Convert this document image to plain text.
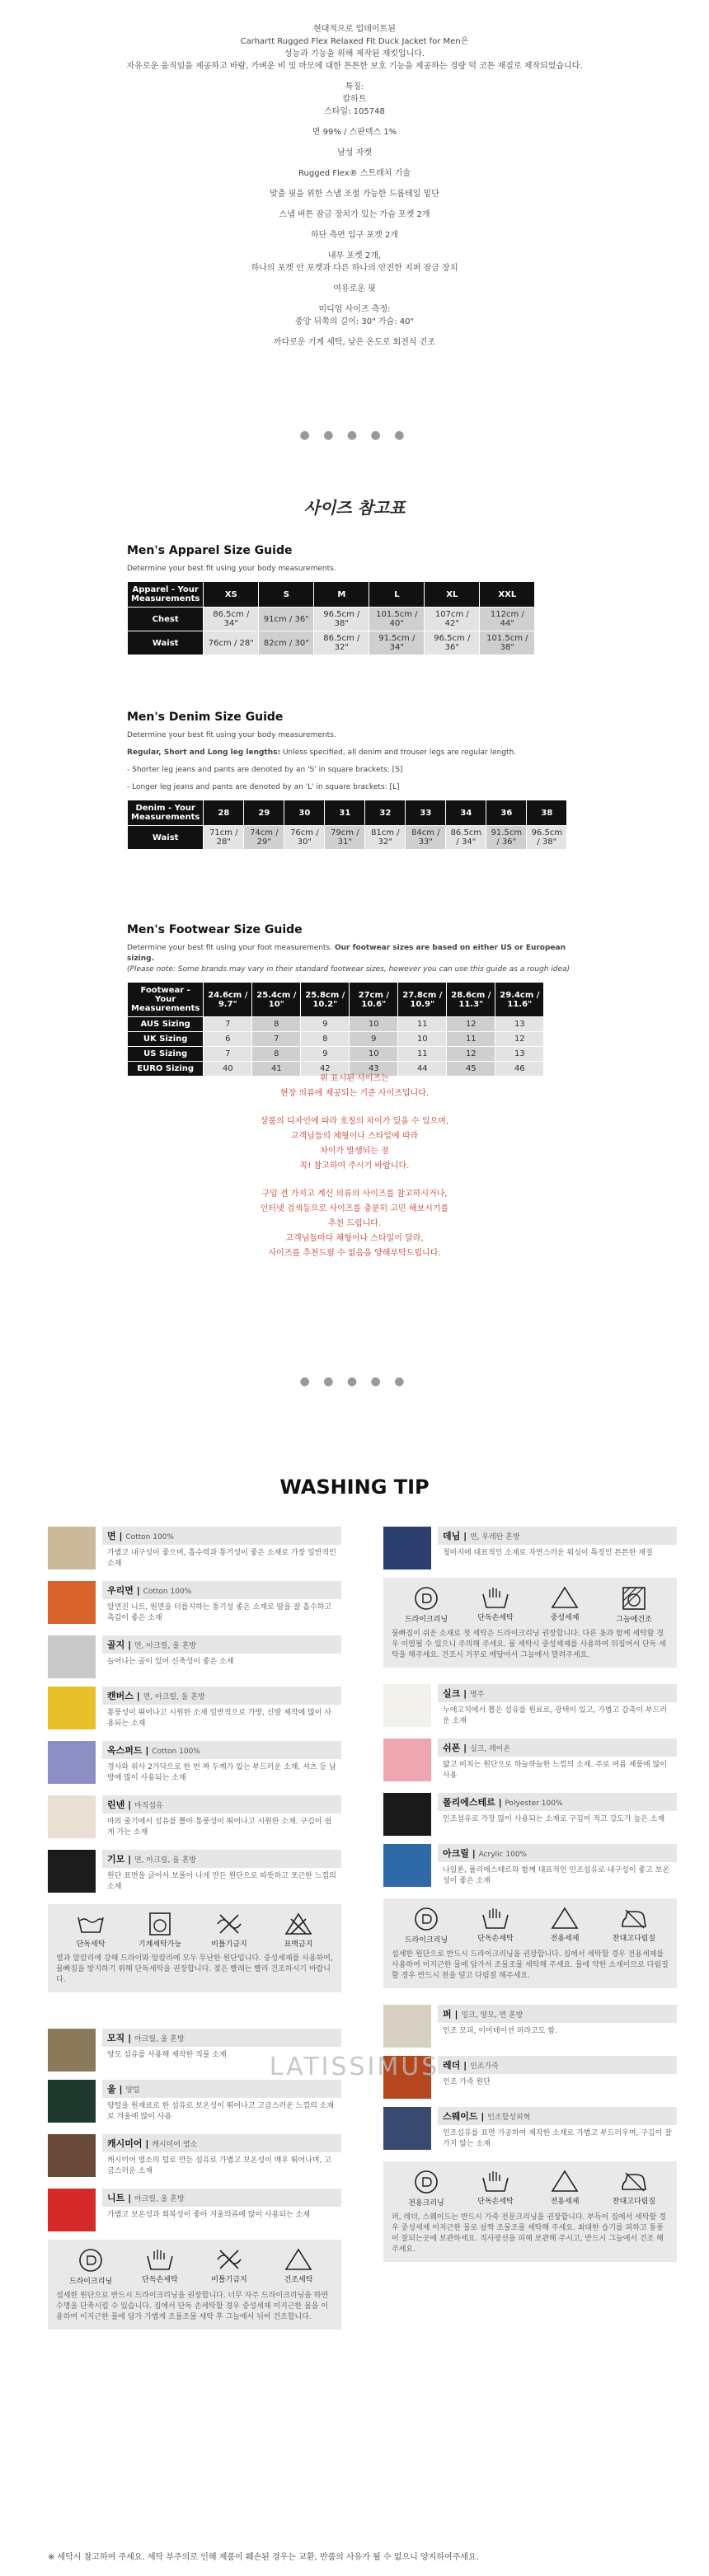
현대적으로 업데이트된

Carhartt Rugged Flex Relaxed Fit Duck Jacket for Men은

성능과 기능을 위해 제작된 재킷입니다.

자유로운 움직임을 제공하고 바람, 가벼운 비 및 마모에 대한 튼튼한 보호 기능을 제공하는 경량 덕 코튼 재질로 제작되었습니다.

특징:

칼하트

스타일: 105748

면 99% / 스판덱스 1%

남성 자켓

Rugged Flex® 스트레치 기술

맞춤 핏을 위한 스냅 조절 가능한 드롭테일 밑단

스냅 버튼 잠금 장치가 있는 가슴 포켓 2개

하단 측면 입구 포켓 2개

내부 포켓 2개,

하나의 포켓 안 포켓과 다른 하나의 안전한 지퍼 잠금 장치

여유로운 핏

미디엄 사이즈 측정:

중앙 뒤쪽의 길이: 30" 가슴: 40"

까다로운 기계 세탁, 낮은 온도로 회전식 건조

● ● ● ● ●
사이즈 참고표
Men's Apparel Size Guide

Determine your best fit using your body measurements.

Apparel - Your Measurements	XS	S	M	L	XL	XXL
Chest	86.5cm / 34"	91cm / 36"	96.5cm / 38"	101.5cm / 40"	107cm / 42"	112cm / 44"
Waist	76cm / 28"	82cm / 30"	86.5cm / 32"	91.5cm / 34"	96.5cm / 36"	101.5cm / 38"
Men's Denim Size Guide

Determine your best fit using your body measurements.

Regular, Short and Long leg lengths: Unless specified, all denim and trouser legs are regular length.

- Shorter leg jeans and pants are denoted by an 'S' in square brackets: [S]

- Longer leg jeans and pants are denoted by an 'L' in square brackets: [L]

Denim - Your Measurements	28	29	30	31	32	33	34	36	38
Waist	71cm / 28"	74cm / 29"	76cm / 30"	79cm / 31"	81cm / 32"	84cm / 33"	86.5cm / 34"	91.5cm / 36"	96.5cm / 38"
Men's Footwear Size Guide

Determine your best fit using your foot measurements. Our footwear sizes are based on either US or European sizing.

(Please note: Some brands may vary in their standard footwear sizes, however you can use this guide as a rough idea)

Footwear - Your Measurements	24.6cm / 9.7"	25.4cm / 10"	25.8cm / 10.2"	27cm / 10.6"	27.8cm / 10.9"	28.6cm / 11.3"	29.4cm / 11.6"
AUS Sizing	7	8	9	10	11	12	13
UK Sizing	6	7	8	9	10	11	12
US Sizing	7	8	9	10	11	12	13
EURO Sizing	40	41	42	43	44	45	46

위 표시된 사이즈는

현장 의류에 제공되는 기준 사이즈입니다.

상품의 디자인에 따라 호칭의 차이가 있을 수 있으며,

고객님들의 체형이나 스타일에 따라

차이가 발생되는 점

꼭! 참고하여 주시기 바랍니다.

구입 전 가지고 계신 의류의 사이즈를 참고하시거나,

인터넷 검색등으로 사이즈를 충분히 고민 해보시기를

추천 드립니다.

고객님들마다 체형이나 스타일이 달라,

사이즈를 추천드릴 수 없음을 양해부탁드립니다.

● ● ● ● ●
WASHING TIP
면 | Cotton 100%
가볍고 내구성이 좋으며, 흡수력과 통기성이 좋은 소재로 가장 일반적인 소재
우리면 | Cotton 100%
알면진 니트, 원면을 터릅지하는 통기성 좋은 소재로 땀을 잘 흡수하고 촉감이 좋은 소재
골지 | 면, 아크릴, 울 혼방
늘어나는 골이 있어 신축성이 좋은 소재
캔버스 | 면, 아크릴, 울 혼방
통풍성이 뛰어나고 시원한 소재 일반적으로 가방, 신발 제작에 많이 사용되는 소재
옥스퍼드 | Cotton 100%
경사와 위사 2가닥으로 한 번 짜 두께가 있는 부드러운 소재. 셔츠 등 남방에 많이 사용되는 소재
린넨 | 마직섬유
마의 줄기에서 섬유를 뽑아 통풍성이 뛰어나고 시원한 소재. 구김이 쉽게 가는 소재
기모 | 면, 아크릴, 울 혼방
원단 표면을 긁어서 보풀이 나게 만든 원단으로 따뜻하고 포근한 느낌의 소재
단독세탁	기계세탁가능	비틀기금지	표백금지
열과 알칼리에 강해 드라이와 알칼리에 모두 무난한 원단입니다. 중성세제를 사용하여, 물빠짐을 방지하기 위해 단독세탁을 권장합니다. 젖은 빨래는 빨리 건조하시기 바랍니다.
모직 | 아크릴, 울 혼방
양모 섬유를 사용해 제작한 직물 소재
울 | 양털
양털을 원재료로 한 섬유로 보온성이 뛰어나고 고급스러운 느낌의 소재로 겨울에 많이 사용
캐시미어 | 캐시미어 염소
캐시미어 염소의 털로 만든 섬유로 가볍고 보온성이 매우 뛰어나며, 고급스러운 소재
니트 | 아크릴, 울 혼방
가볍고 보온성과 회복성이 좋아 겨울의류에 많이 사용되는 소재
드라이크리닝	단독손세탁	비틀기금지	건조세탁
섬세한 원단으로 반드시 드라이크리닝을 권장합니다. 너무 자주 드라이크리닝을 하면 수명을 단축시킬 수 있습니다. 집에서 단독 손세탁할 경우 중성세제 미지근한 물을 이용하며 이지근한 물에 담가 가볍게 조물조물 세탁 후 그늘에서 뉘어 건조합니다.
데님 | 면, 우레탄 혼방
청바지에 대표적인 소재로 자연스러운 워싱이 특징인 튼튼한 재질
드라이크리닝	단독손세탁	중성세제	그늘에건조
물빠짐이 쉬운 소재로 첫 세탁은 드라이크리닝 권장합니다. 다른 옷과 함께 세탁할 경우 이염될 수 있으니 주의해 주세요. 물 세탁시 중성세제를 사용하여 뒤집어서 단독 세탁을 해주세요. 건조시 거꾸로 매달아서 그늘에서 말려주세요.
실크 | 명주
누에고치에서 뽑은 섬유를 원료로, 광택이 있고, 가볍고 감촉이 부드러운 소재
쉬폰 | 실크, 레이온
얇고 비치는 원단으로 하늘하늘한 느낌의 소재. 주로 여름 제품에 많이 사용
폴리에스테르 | Polyester 100%
인조섬유로 가장 많이 사용되는 소재로 구김이 적고 강도가 높은 소재
아크릴 | Acrylic 100%
나일론, 폴리에스테르와 함께 대표적인 인조섬유로 내구성이 좋고 보온성이 좋은 소재
드라이크리닝	단독손세탁	전용세제	찬대고다림질
섬세한 원단으로 반드시 드라이크리닝을 권장합니다. 집에서 세탁할 경우 전용세제를 사용하여 미지근한 물에 담가서 조물조물 세탁해 주세요. 물에 약한 소재이므로 다림질할 경우 반드시 천을 덮고 다림질 해주세요.
퍼 | 밍크, 양모, 면 혼방
인조 모피, 이미테이션 퍼라고도 함.
레더 | 인조가죽
인조 가죽 원단
스웨이드 | 인조합성피혁
인조섬유를 표면 가공하여 제작한 소재로 가볍고 부드러우며, 구김이 잘가지 않는 소재
전용크리닝	단독손세탁	전용세제	찬대고다림질
퍼, 레더, 스웨이드는 반드시 가죽 전문크리닝을 권장합니다. 부득이 집에서 세탁할 경우 중성세제 미지근한 물로 살짝 조물조물 세탁해 주세요. 최대한 습기를 피하고 통풍이 잘되는곳에 보관하세요. 직사광선을 피해 보관해 주시고, 반드시 그늘에서 건조 해주세요.
LATISSIMUS
※ 세탁시 참고하여 주세요. 세탁 부주의로 인해 제품이 훼손된 경우는 교환, 반품의 사유가 될 수 없으니 양지하여주세요.
